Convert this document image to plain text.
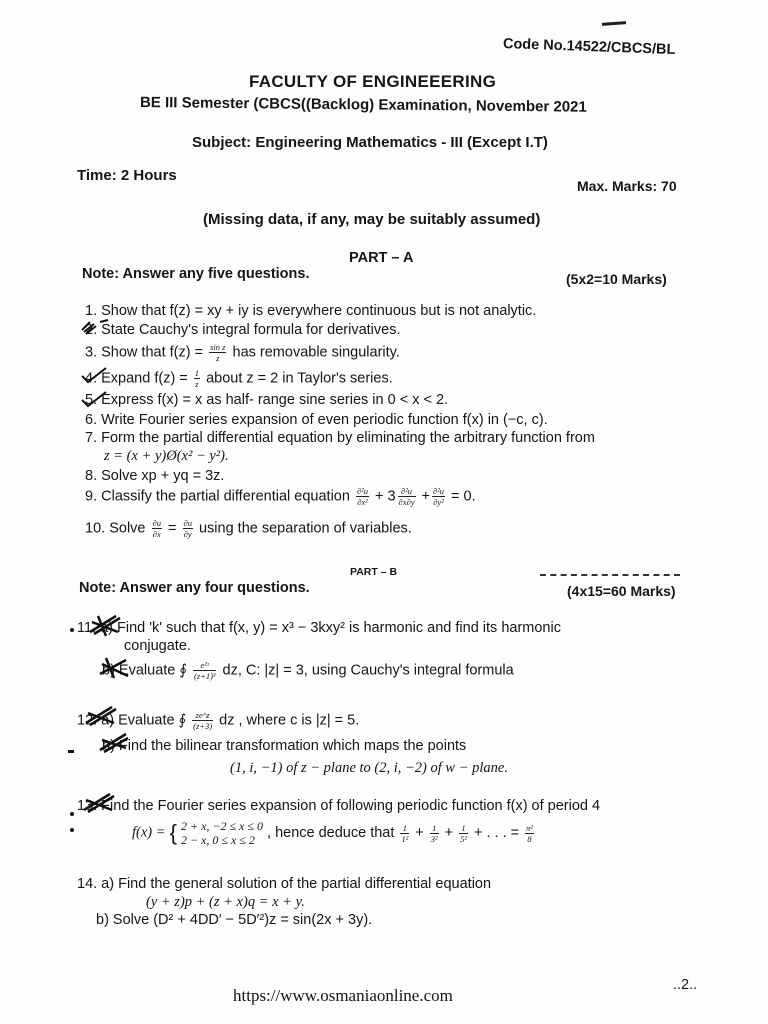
Code No.14522/CBCS/BL
FACULTY OF ENGINEEERING
BE III Semester (CBCS((Backlog) Examination, November 2021
Subject: Engineering Mathematics - III (Except I.T)
Time: 2 Hours
Max. Marks: 70
(Missing data, if any, may be suitably assumed)
PART – A
Note: Answer any five questions.	(5x2=10 Marks)
1. Show that f(z) = xy + iy is everywhere continuous but is not analytic.
2. State Cauchy's integral formula for derivatives.
3. Show that $f(z) = \frac{\text{sin z}}{z}$ has removable singularity.
4. Expand $f(z) = \frac{1}{z}$ about z = 2 in Taylor's series.
5. Express f(x) = x as half- range sine series in 0 < x < 2.
6. Write Fourier series expansion of even periodic function f(x) in (−c, c).
7. Form the partial differential equation by eliminating the arbitrary function from
z = (x + y)Ø(x² − y²).
8. Solve xp + yq = 3z.
9. Classify the partial differential equation $\frac{\text{∂²u}}{\text{∂x²}} + 3 \frac{\text{∂²u}}{\partial x\partial y} + \frac{\text{∂²u}}{\text{∂y²}} = 0$.
10. Solve $\frac{\partial u}{\partial x} = \frac{\partial u}{\partial y}$ using the separation of variables.
PART – B
Note: Answer any four questions.	(4x15=60 Marks)
11. a) Find 'k' such that f(x, y) = x³ − 3kxy² is harmonic and find its harmonic
conjugate.
b) Evaluate ∮ $\frac{\text{e²ᶻ}}{\text{(z+1)³}}$ dz, C: |z| = 3, using Cauchy's integral formula
12. a) Evaluate ∮ $\frac{ze\^{}z}{(z+3)}$ dz , where c is |z| = 5.
b) Find the bilinear transformation which maps the points
(1, i, −1) of z − plane to (2, i, −2) of w − plane.
13. Find the Fourier series expansion of following periodic function f(x) of period 4
f(x) = { 2 + x, −2 ≤ x ≤ 0
2 − x, 0 ≤ x ≤ 2 , hence deduce that $\frac{1}{\text{1²}} + \frac{1}{\text{3²}} + \frac{1}{\text{5²}}$ + . . . = $\frac{\text{π²}}{8}$
14. a) Find the general solution of the partial differential equation
(y + z)p + (z + x)q = x + y.
b) Solve (D² + 4DD′ − 5D′²)z = sin(2x + 3y).
https://www.osmaniaonline.com
..2..
